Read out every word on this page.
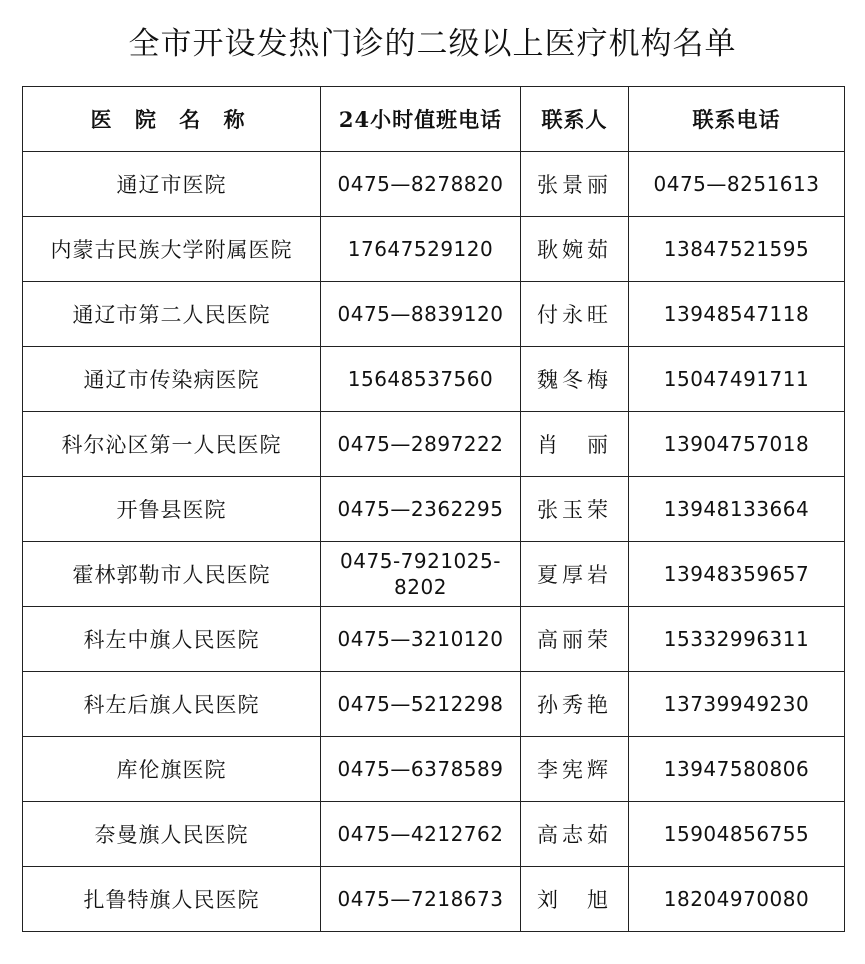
全市开设发热门诊的二级以上医疗机构名单
医 院 名 称	24小时值班电话	联系人	联系电话
通辽市医院	0475—8278820	张景丽	0475—8251613
内蒙古民族大学附属医院	17647529120	耿婉茹	13847521595
通辽市第二人民医院	0475—8839120	付永旺	13948547118
通辽市传染病医院	15648537560	魏冬梅	15047491711
科尔沁区第一人民医院	0475—2897222	肖　丽	13904757018
开鲁县医院	0475—2362295	张玉荣	13948133664
霍林郭勒市人民医院	0475-7921025-8202	夏厚岩	13948359657
科左中旗人民医院	0475—3210120	高丽荣	15332996311
科左后旗人民医院	0475—5212298	孙秀艳	13739949230
库伦旗医院	0475—6378589	李宪辉	13947580806
奈曼旗人民医院	0475—4212762	高志茹	15904856755
扎鲁特旗人民医院	0475—7218673	刘　旭	18204970080
